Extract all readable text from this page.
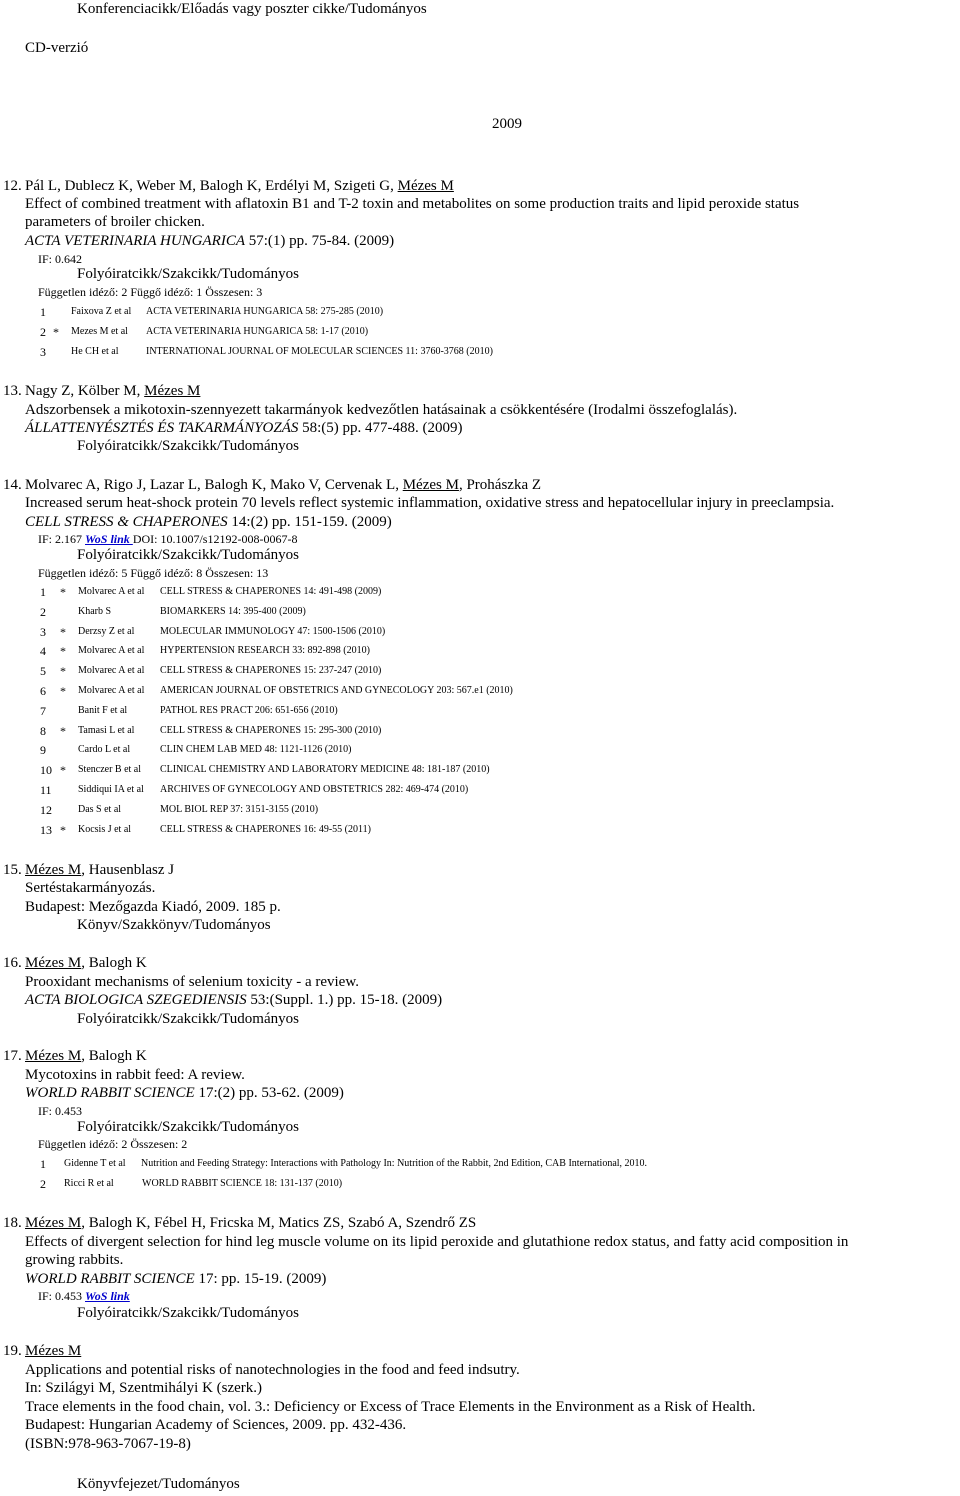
Konferenciacikk/Előadás vagy poszter cikke/Tudományos
CD-verzió
2009
12. Pál L, Dublecz K, Weber M, Balogh K, Erdélyi M, Szigeti G, Mézes M
Effect of combined treatment with aflatoxin B1 and T-2 toxin and metabolites on some production traits and lipid peroxide status
parameters of broiler chicken.
ACTA VETERINARIA HUNGARICA 57:(1) pp. 75-84. (2009)
IF: 0.642
Folyóiratcikk/Szakcikk/Tudományos
Független idéző: 2 Függő idéző: 1 Összesen: 3
1	Faixova Z et al ACTA VETERINARIA HUNGARICA 58: 275-285 (2010)
2 * Mezes M et al ACTA VETERINARIA HUNGARICA 58: 1-17 (2010)
3	He CH et al	INTERNATIONAL JOURNAL OF MOLECULAR SCIENCES 11: 3760-3768 (2010)
13. Nagy Z, Kölber M, Mézes M
Adszorbensek a mikotoxin-szennyezett takarmányok kedvezőtlen hatásainak a csökkentésére (Irodalmi összefoglalás).
ÁLLATTENYÉSZTÉS ÉS TAKARMÁNYOZÁS 58:(5) pp. 477-488. (2009)
Folyóiratcikk/Szakcikk/Tudományos
14. Molvarec A, Rigo J, Lazar L, Balogh K, Mako V, Cervenak L, Mézes M, Prohászka Z
Increased serum heat-shock protein 70 levels reflect systemic inflammation, oxidative stress and hepatocellular injury in preeclampsia.
CELL STRESS & CHAPERONES 14:(2) pp. 151-159. (2009)
IF: 2.167 WoS link DOI: 10.1007/s12192-008-0067-8
Folyóiratcikk/Szakcikk/Tudományos
Független idéző: 5 Függő idéző: 8 Összesen: 13
1 * Molvarec A et al CELL STRESS & CHAPERONES 14: 491-498 (2009)
2	Kharb S	BIOMARKERS 14: 395-400 (2009)
3 * Derzsy Z et al	MOLECULAR IMMUNOLOGY 47: 1500-1506 (2010)
4 * Molvarec A et al HYPERTENSION RESEARCH 33: 892-898 (2010)
5 * Molvarec A et al CELL STRESS & CHAPERONES 15: 237-247 (2010)
6 * Molvarec A et al AMERICAN JOURNAL OF OBSTETRICS AND GYNECOLOGY 203: 567.e1 (2010)
7	Banit F et al	PATHOL RES PRACT 206: 651-656 (2010)
8 * Tamasi L et al	CELL STRESS & CHAPERONES 15: 295-300 (2010)
9	Cardo L et al	CLIN CHEM LAB MED 48: 1121-1126 (2010)
10 * Stenczer B et al CLINICAL CHEMISTRY AND LABORATORY MEDICINE 48: 181-187 (2010)
11	Siddiqui IA et al ARCHIVES OF GYNECOLOGY AND OBSTETRICS 282: 469-474 (2010)
12	Das S et al	MOL BIOL REP 37: 3151-3155 (2010)
13 * Kocsis J et al	CELL STRESS & CHAPERONES 16: 49-55 (2011)
15. Mézes M, Hausenblasz J
Sertéstakarmányozás.
Budapest: Mezőgazda Kiadó, 2009. 185 p.
Könyv/Szakkönyv/Tudományos
16. Mézes M, Balogh K
Prooxidant mechanisms of selenium toxicity - a review.
ACTA BIOLOGICA SZEGEDIENSIS 53:(Suppl. 1.) pp. 15-18. (2009)
Folyóiratcikk/Szakcikk/Tudományos
17. Mézes M, Balogh K
Mycotoxins in rabbit feed: A review.
WORLD RABBIT SCIENCE 17:(2) pp. 53-62. (2009)
IF: 0.453
Folyóiratcikk/Szakcikk/Tudományos
Független idéző: 2 Összesen: 2
1 Gidenne T et al Nutrition and Feeding Strategy: Interactions with Pathology In: Nutrition of the Rabbit, 2nd Edition, CAB International, 2010.
2 Ricci R et al	WORLD RABBIT SCIENCE 18: 131-137 (2010)
18. Mézes M, Balogh K, Fébel H, Fricska M, Matics ZS, Szabó A, Szendrő ZS
Effects of divergent selection for hind leg muscle volume on its lipid peroxide and glutathione redox status, and fatty acid composition in
growing rabbits.
WORLD RABBIT SCIENCE 17: pp. 15-19. (2009)
IF: 0.453 WoS link
Folyóiratcikk/Szakcikk/Tudományos
19. Mézes M
Applications and potential risks of nanotechnologies in the food and feed indsutry.
In: Szilágyi M, Szentmihályi K (szerk.)
Trace elements in the food chain, vol. 3.: Deficiency or Excess of Trace Elements in the Environment as a Risk of Health.
Budapest: Hungarian Academy of Sciences, 2009. pp. 432-436.
(ISBN:978-963-7067-19-8)
Könyvfejezet/Tudományos
